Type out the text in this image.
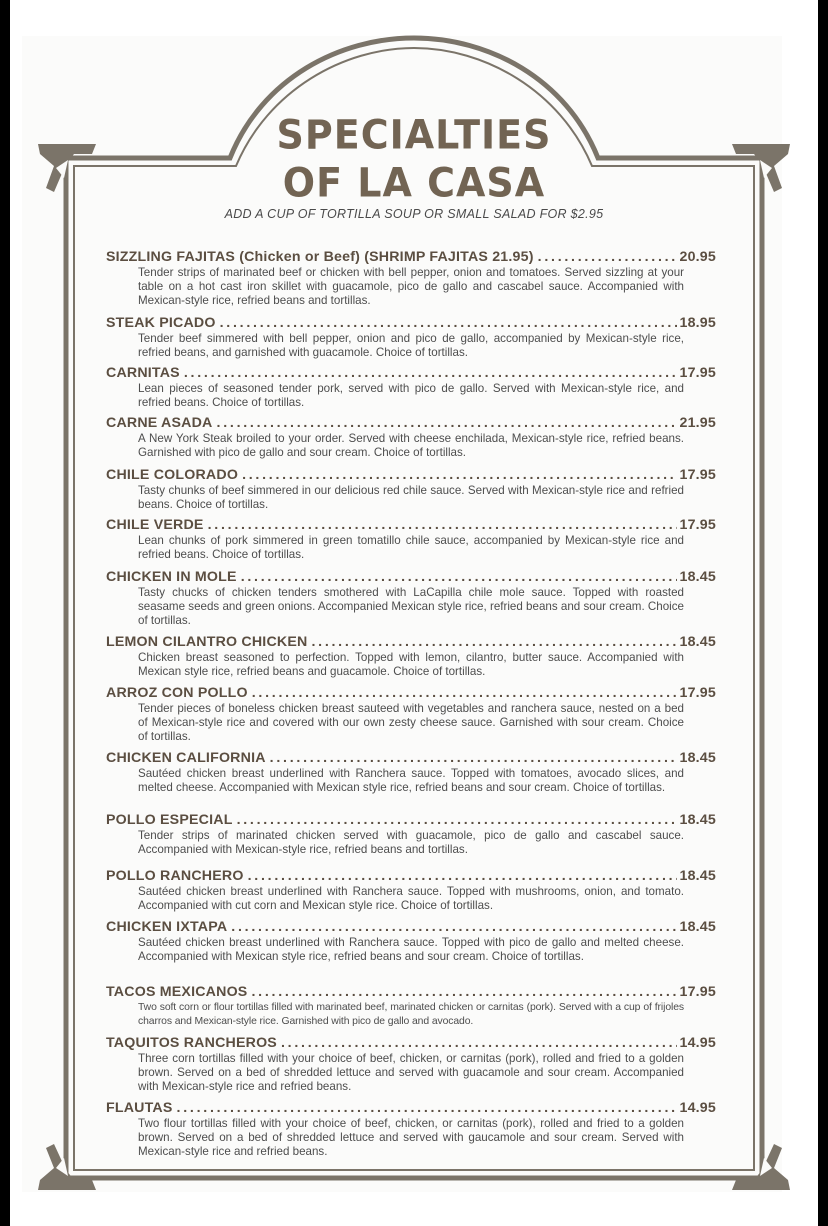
SPECIALTIES
OF LA CASA
ADD A CUP OF TORTILLA SOUP OR SMALL SALAD FOR $2.95
SIZZLING FAJITAS (Chicken or Beef) (SHRIMP FAJITAS 21.95) . . .	20.95

Tender strips of marinated beef or chicken with bell pepper, onion and tomatoes. Served sizzling at your table on a hot cast iron skillet with guacamole, pico de gallo and cascabel sauce. Accompanied with Mexican-style rice, refried beans and tortillas.

STEAK PICADO . . .	18.95

Tender beef simmered with bell pepper, onion and pico de gallo, accompanied by Mexican-style rice, refried beans, and garnished with guacamole. Choice of tortillas.

CARNITAS . . .	17.95

Lean pieces of seasoned tender pork, served with pico de gallo. Served with Mexican-style rice, and refried beans. Choice of tortillas.

CARNE ASADA . . .	21.95

A New York Steak broiled to your order. Served with cheese enchilada, Mexican-style rice, refried beans. Garnished with pico de gallo and sour cream. Choice of tortillas.

CHILE COLORADO . . .	17.95

Tasty chunks of beef simmered in our delicious red chile sauce. Served with Mexican-style rice and refried beans. Choice of tortillas.

CHILE VERDE . . .	17.95

Lean chunks of pork simmered in green tomatillo chile sauce, accompanied by Mexican-style rice and refried beans. Choice of tortillas.

CHICKEN IN MOLE . . .	18.45

Tasty chucks of chicken tenders smothered with LaCapilla chile mole sauce. Topped with roasted seasame seeds and green onions. Accompanied Mexican style rice, refried beans and sour cream. Choice of tortillas.

LEMON CILANTRO CHICKEN . . .	18.45

Chicken breast seasoned to perfection. Topped with lemon, cilantro, butter sauce. Accompanied with Mexican style rice, refried beans and guacamole. Choice of tortillas.

ARROZ CON POLLO . . .	17.95

Tender pieces of boneless chicken breast sauteed with vegetables and ranchera sauce, nested on a bed of Mexican-style rice and covered with our own zesty cheese sauce. Garnished with sour cream. Choice of tortillas.

CHICKEN CALIFORNIA . . .	18.45

Sautéed chicken breast underlined with Ranchera sauce. Topped with tomatoes, avocado slices, and melted cheese. Accompanied with Mexican style rice, refried beans and sour cream. Choice of tortillas.

POLLO ESPECIAL . . .	18.45

Tender strips of marinated chicken served with guacamole, pico de gallo and cascabel sauce. Accompanied with Mexican-style rice, refried beans and tortillas.

POLLO RANCHERO . . .	18.45

Sautéed chicken breast underlined with Ranchera sauce. Topped with mushrooms, onion, and tomato. Accompanied with cut corn and Mexican style rice. Choice of tortillas.

CHICKEN IXTAPA . . .	18.45

Sautéed chicken breast underlined with Ranchera sauce. Topped with pico de gallo and melted cheese. Accompanied with Mexican style rice, refried beans and sour cream. Choice of tortillas.

TACOS MEXICANOS . . .	17.95

Two soft corn or flour tortillas filled with marinated beef, marinated chicken or carnitas (pork). Served with a cup of frijoles charros and Mexican-style rice. Garnished with pico de gallo and avocado.

TAQUITOS RANCHEROS . . .	14.95

Three corn tortillas filled with your choice of beef, chicken, or carnitas (pork), rolled and fried to a golden brown. Served on a bed of shredded lettuce and served with guacamole and sour cream. Accompanied with Mexican-style rice and refried beans.

FLAUTAS . . .	14.95

Two flour tortillas filled with your choice of beef, chicken, or carnitas (pork), rolled and fried to a golden brown. Served on a bed of shredded lettuce and served with gaucamole and sour cream. Served with Mexican-style rice and refried beans.
